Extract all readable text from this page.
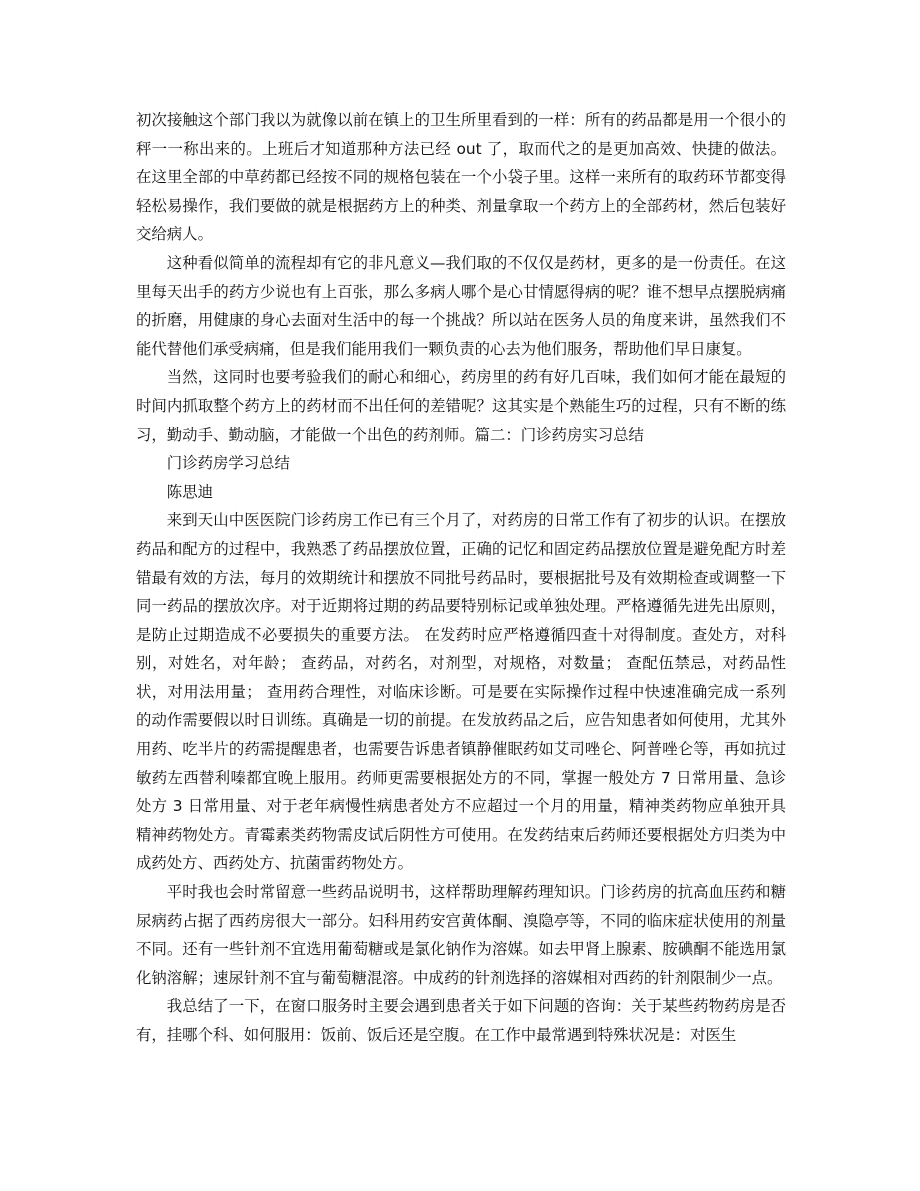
初次接触这个部门我以为就像以前在镇上的卫生所里看到的一样：所有的药品都是用一个很小的秤一一称出来的。上班后才知道那种方法已经 out 了，取而代之的是更加高效、快捷的做法。在这里全部的中草药都已经按不同的规格包装在一个小袋子里。这样一来所有的取药环节都变得轻松易操作，我们要做的就是根据药方上的种类、剂量拿取一个药方上的全部药材，然后包装好交给病人。

这种看似简单的流程却有它的非凡意义—我们取的不仅仅是药材，更多的是一份责任。在这里每天出手的药方少说也有上百张，那么多病人哪个是心甘情愿得病的呢？谁不想早点摆脱病痛的折磨，用健康的身心去面对生活中的每一个挑战？所以站在医务人员的角度来讲，虽然我们不能代替他们承受病痛，但是我们能用我们一颗负责的心去为他们服务，帮助他们早日康复。

当然，这同时也要考验我们的耐心和细心，药房里的药有好几百味，我们如何才能在最短的时间内抓取整个药方上的药材而不出任何的差错呢？这其实是个熟能生巧的过程，只有不断的练习，勤动手、勤动脑，才能做一个出色的药剂师。篇二：门诊药房实习总结

门诊药房学习总结

陈思迪

来到天山中医医院门诊药房工作已有三个月了，对药房的日常工作有了初步的认识。在摆放药品和配方的过程中，我熟悉了药品摆放位置，正确的记忆和固定药品摆放位置是避免配方时差错最有效的方法，每月的效期统计和摆放不同批号药品时，要根据批号及有效期检查或调整一下同一药品的摆放次序。对于近期将过期的药品要特别标记或单独处理。严格遵循先进先出原则，是防止过期造成不必要损失的重要方法。 在发药时应严格遵循四查十对得制度。查处方，对科别，对姓名，对年龄； 查药品，对药名，对剂型，对规格，对数量； 查配伍禁忌，对药品性状，对用法用量； 查用药合理性，对临床诊断。可是要在实际操作过程中快速准确完成一系列的动作需要假以时日训练。真确是一切的前提。在发放药品之后，应告知患者如何使用，尤其外用药、吃半片的药需提醒患者，也需要告诉患者镇静催眠药如艾司唑仑、阿普唑仑等，再如抗过敏药左西替利嗪都宜晚上服用。药师更需要根据处方的不同，掌握一般处方 7 日常用量、急诊处方 3 日常用量、对于老年病慢性病患者处方不应超过一个月的用量，精神类药物应单独开具精神药物处方。青霉素类药物需皮试后阴性方可使用。在发药结束后药师还要根据处方归类为中成药处方、西药处方、抗菌雷药物处方。

平时我也会时常留意一些药品说明书，这样帮助理解药理知识。门诊药房的抗高血压药和糖尿病药占据了西药房很大一部分。妇科用药安宫黄体酮、溴隐亭等，不同的临床症状使用的剂量不同。还有一些针剂不宜选用葡萄糖或是氯化钠作为溶媒。如去甲肾上腺素、胺碘酮不能选用氯化钠溶解；速尿针剂不宜与葡萄糖混溶。中成药的针剂选择的溶媒相对西药的针剂限制少一点。

我总结了一下，在窗口服务时主要会遇到患者关于如下问题的咨询：关于某些药物药房是否有，挂哪个科、如何服用：饭前、饭后还是空腹。在工作中最常遇到特殊状况是：对医生
